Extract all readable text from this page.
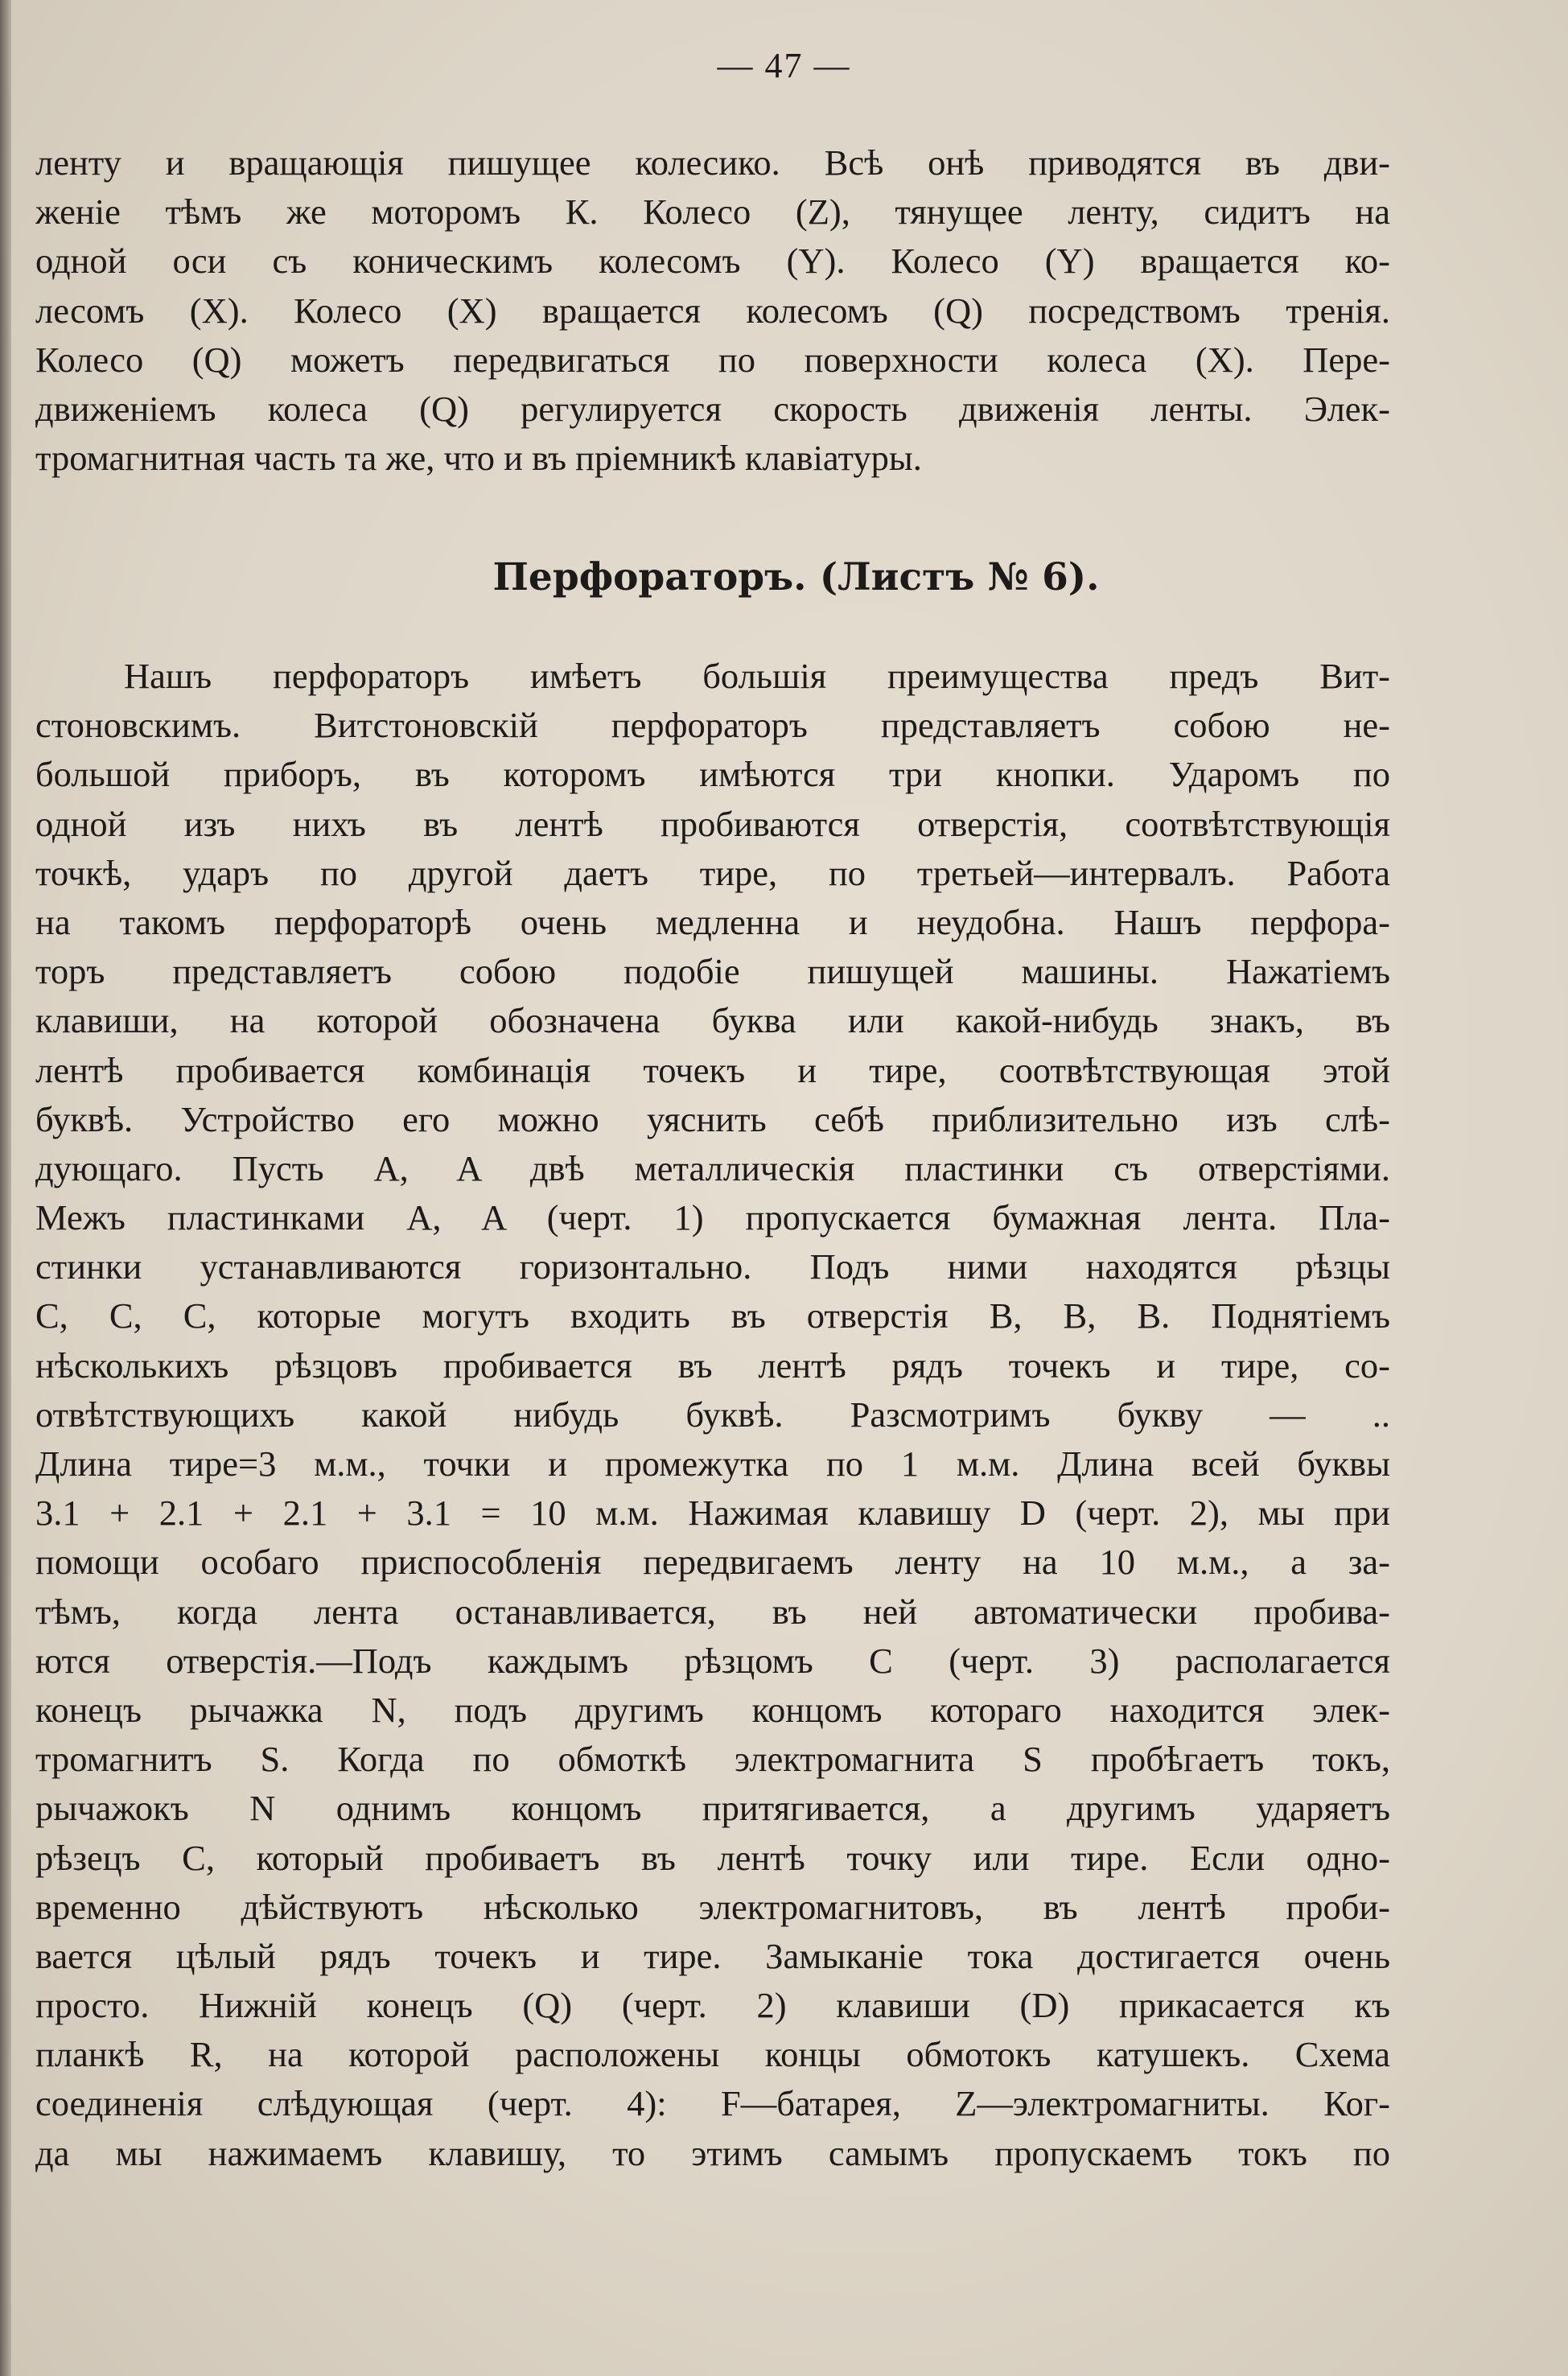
— 47 —
ленту и вращающія пишущее колесико. Всѣ онѣ приводятся въ дви-
женіе тѣмъ же моторомъ К. Колесо (Z), тянущее ленту, сидитъ на
одной оси съ коническимъ колесомъ (Y). Колесо (Y) вращается ко-
лесомъ (X). Колесо (X) вращается колесомъ (Q) посредствомъ тренія.
Колесо (Q) можетъ передвигаться по поверхности колеса (X). Пере-
движеніемъ колеса (Q) регулируется скорость движенія ленты. Элек-
тромагнитная часть та же, что и въ пріемникѣ клавіатуры.
Перфораторъ. (Листъ № 6).
Нашъ перфораторъ имѣетъ большія преимущества предъ Вит-
стоновскимъ. Витстоновскій перфораторъ представляетъ собою не-
большой приборъ, въ которомъ имѣются три кнопки. Ударомъ по
одной изъ нихъ въ лентѣ пробиваются отверстія, соотвѣтствующія
точкѣ, ударъ по другой даетъ тире, по третьей—интервалъ. Работа
на такомъ перфораторѣ очень медленна и неудобна. Нашъ перфора-
торъ представляетъ собою подобіе пишущей машины. Нажатіемъ
клавиши, на которой обозначена буква или какой-нибудь знакъ, въ
лентѣ пробивается комбинація точекъ и тире, соотвѣтствующая этой
буквѣ. Устройство его можно уяснить себѣ приблизительно изъ слѣ-
дующаго. Пусть A, A двѣ металлическія пластинки съ отверстіями.
Межъ пластинками A, A (черт. 1) пропускается бумажная лента. Пла-
стинки устанавливаются горизонтально. Подъ ними находятся рѣзцы
C, C, C, которые могутъ входить въ отверстія B, B, B. Поднятіемъ
нѣсколькихъ рѣзцовъ пробивается въ лентѣ рядъ точекъ и тире, со-
отвѣтствующихъ какой нибудь буквѣ. Разсмотримъ букву — ..
Длина тире=3 м.м., точки и промежутка по 1 м.м. Длина всей буквы
3.1 + 2.1 + 2.1 + 3.1 = 10 м.м. Нажимая клавишу D (черт. 2), мы при
помощи особаго приспособленія передвигаемъ ленту на 10 м.м., а за-
тѣмъ, когда лента останавливается, въ ней автоматически пробива-
ются отверстія.—Подъ каждымъ рѣзцомъ C (черт. 3) располагается
конецъ рычажка N, подъ другимъ концомъ котораго находится элек-
тромагнитъ S. Когда по обмоткѣ электромагнита S пробѣгаетъ токъ,
рычажокъ N однимъ концомъ притягивается, а другимъ ударяетъ
рѣзецъ C, который пробиваетъ въ лентѣ точку или тире. Если одно-
временно дѣйствуютъ нѣсколько электромагнитовъ, въ лентѣ проби-
вается цѣлый рядъ точекъ и тире. Замыканіе тока достигается очень
просто. Нижній конецъ (Q) (черт. 2) клавиши (D) прикасается къ
планкѣ R, на которой расположены концы обмотокъ катушекъ. Схема
соединенія слѣдующая (черт. 4): F—батарея, Z—электромагниты. Ког-
да мы нажимаемъ клавишу, то этимъ самымъ пропускаемъ токъ по
